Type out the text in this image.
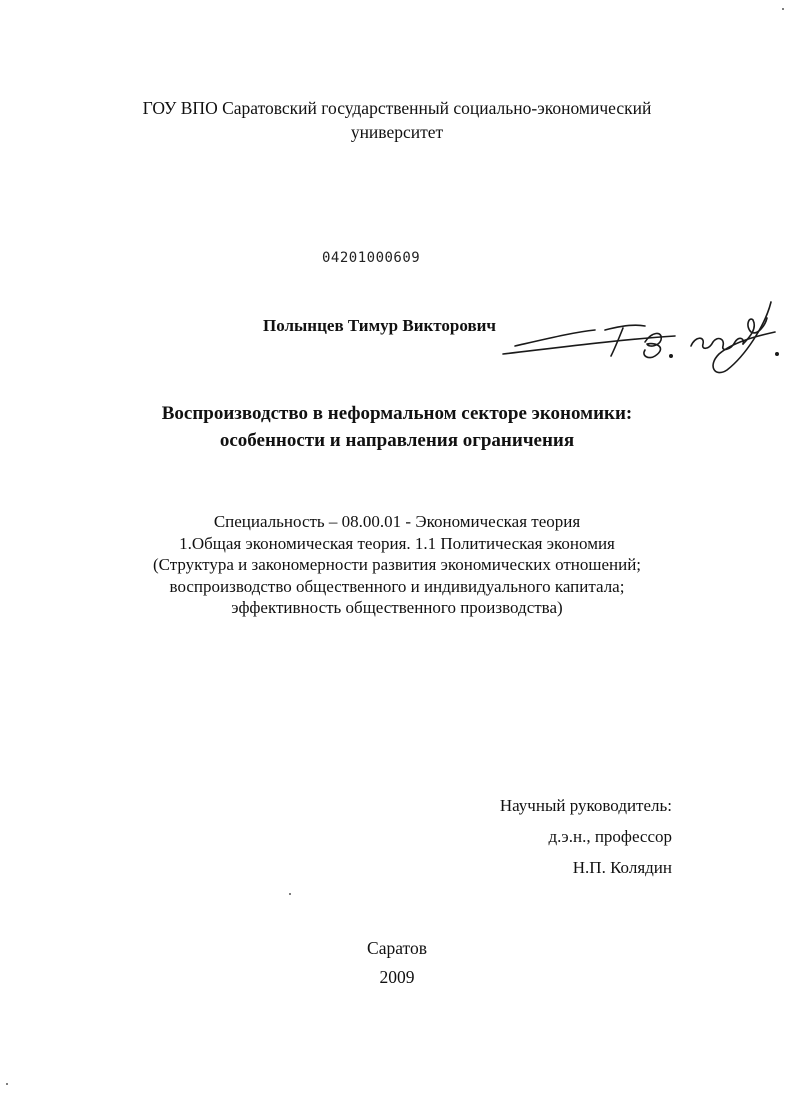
ГОУ ВПО Саратовский государственный социально-экономический
университет
04201000609
Полынцев Тимур Викторович
Воспроизводство в неформальном секторе экономики:
особенности и направления ограничения
Специальность – 08.00.01 - Экономическая теория
1.Общая экономическая теория. 1.1 Политическая экономия
(Структура и закономерности развития экономических отношений;
воспроизводство общественного и индивидуального капитала;
эффективность общественного производства)
Научный руководитель:
д.э.н., профессор
Н.П. Колядин
Саратов
2009
